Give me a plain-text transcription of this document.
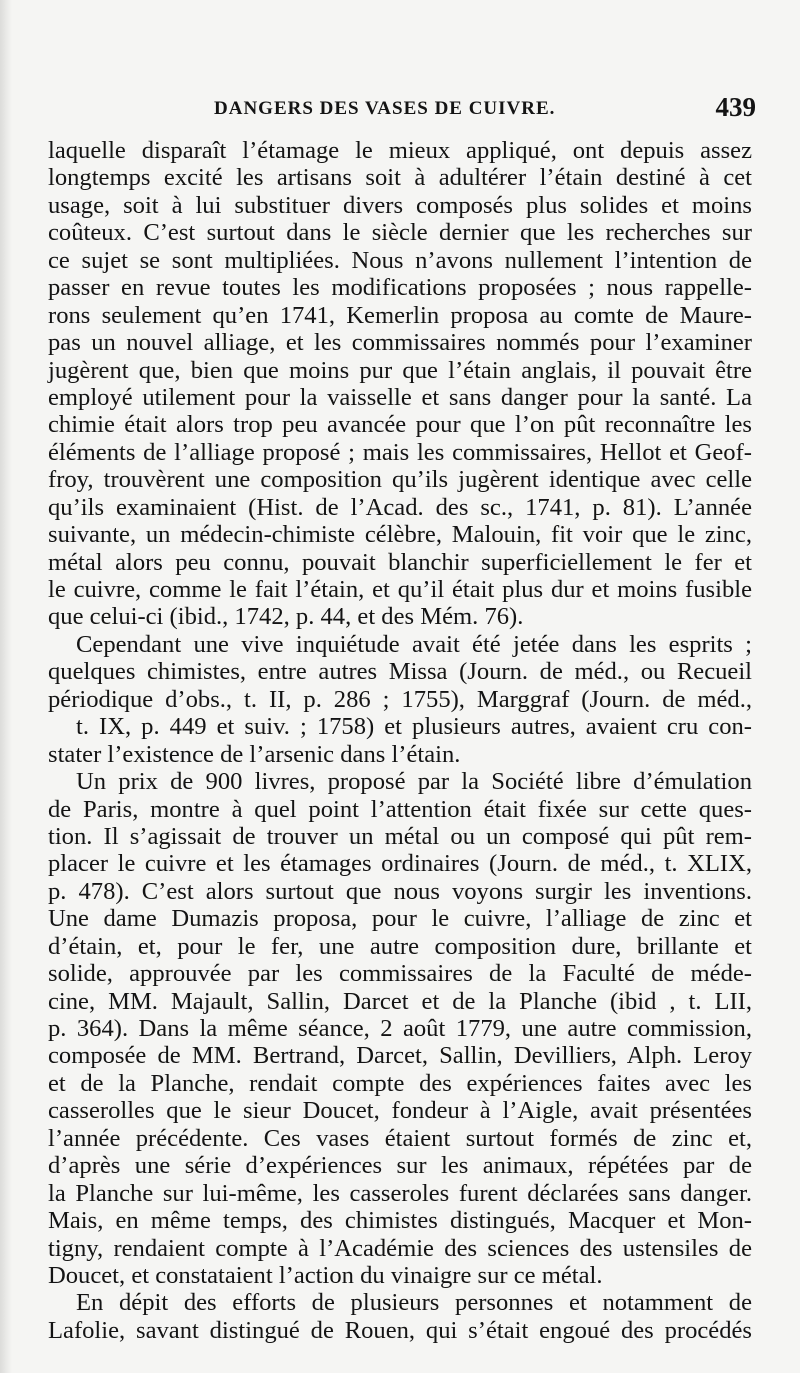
DANGERS DES VASES DE CUIVRE.	439
laquelle disparaît l’étamage le mieux appliqué, ont depuis assez
longtemps excité les artisans soit à adultérer l’étain destiné à cet
usage, soit à lui substituer divers composés plus solides et moins
coûteux. C’est surtout dans le siècle dernier que les recherches sur
ce sujet se sont multipliées. Nous n’avons nullement l’intention de
passer en revue toutes les modifications proposées ; nous rappelle-
rons seulement qu’en 1741, Kemerlin proposa au comte de Maure-
pas un nouvel alliage, et les commissaires nommés pour l’examiner
jugèrent que, bien que moins pur que l’étain anglais, il pouvait être
employé utilement pour la vaisselle et sans danger pour la santé. La
chimie était alors trop peu avancée pour que l’on pût reconnaître les
éléments de l’alliage proposé ; mais les commissaires, Hellot et Geof-
froy, trouvèrent une composition qu’ils jugèrent identique avec celle
qu’ils examinaient (Hist. de l’Acad. des sc., 1741, p. 81). L’année
suivante, un médecin-chimiste célèbre, Malouin, fit voir que le zinc,
métal alors peu connu, pouvait blanchir superficiellement le fer et
le cuivre, comme le fait l’étain, et qu’il était plus dur et moins fusible
que celui-ci (ibid., 1742, p. 44, et des Mém. 76).
Cependant une vive inquiétude avait été jetée dans les esprits ;
quelques chimistes, entre autres Missa (Journ. de méd., ou Recueil
périodique d’obs., t. II, p. 286 ; 1755), Marggraf (Journ. de méd.,
t. IX, p. 449 et suiv. ; 1758) et plusieurs autres, avaient cru con-
stater l’existence de l’arsenic dans l’étain.
Un prix de 900 livres, proposé par la Société libre d’émulation
de Paris, montre à quel point l’attention était fixée sur cette ques-
tion. Il s’agissait de trouver un métal ou un composé qui pût rem-
placer le cuivre et les étamages ordinaires (Journ. de méd., t. XLIX,
p. 478). C’est alors surtout que nous voyons surgir les inventions.
Une dame Dumazis proposa, pour le cuivre, l’alliage de zinc et
d’étain, et, pour le fer, une autre composition dure, brillante et
solide, approuvée par les commissaires de la Faculté de méde-
cine, MM. Majault, Sallin, Darcet et de la Planche (ibid , t. LII,
p. 364). Dans la même séance, 2 août 1779, une autre commission,
composée de MM. Bertrand, Darcet, Sallin, Devilliers, Alph. Leroy
et de la Planche, rendait compte des expériences faites avec les
casserolles que le sieur Doucet, fondeur à l’Aigle, avait présentées
l’année précédente. Ces vases étaient surtout formés de zinc et,
d’après une série d’expériences sur les animaux, répétées par de
la Planche sur lui-même, les casseroles furent déclarées sans danger.
Mais, en même temps, des chimistes distingués, Macquer et Mon-
tigny, rendaient compte à l’Académie des sciences des ustensiles de
Doucet, et constataient l’action du vinaigre sur ce métal.
En dépit des efforts de plusieurs personnes et notamment de
Lafolie, savant distingué de Rouen, qui s’était engoué des procédés
